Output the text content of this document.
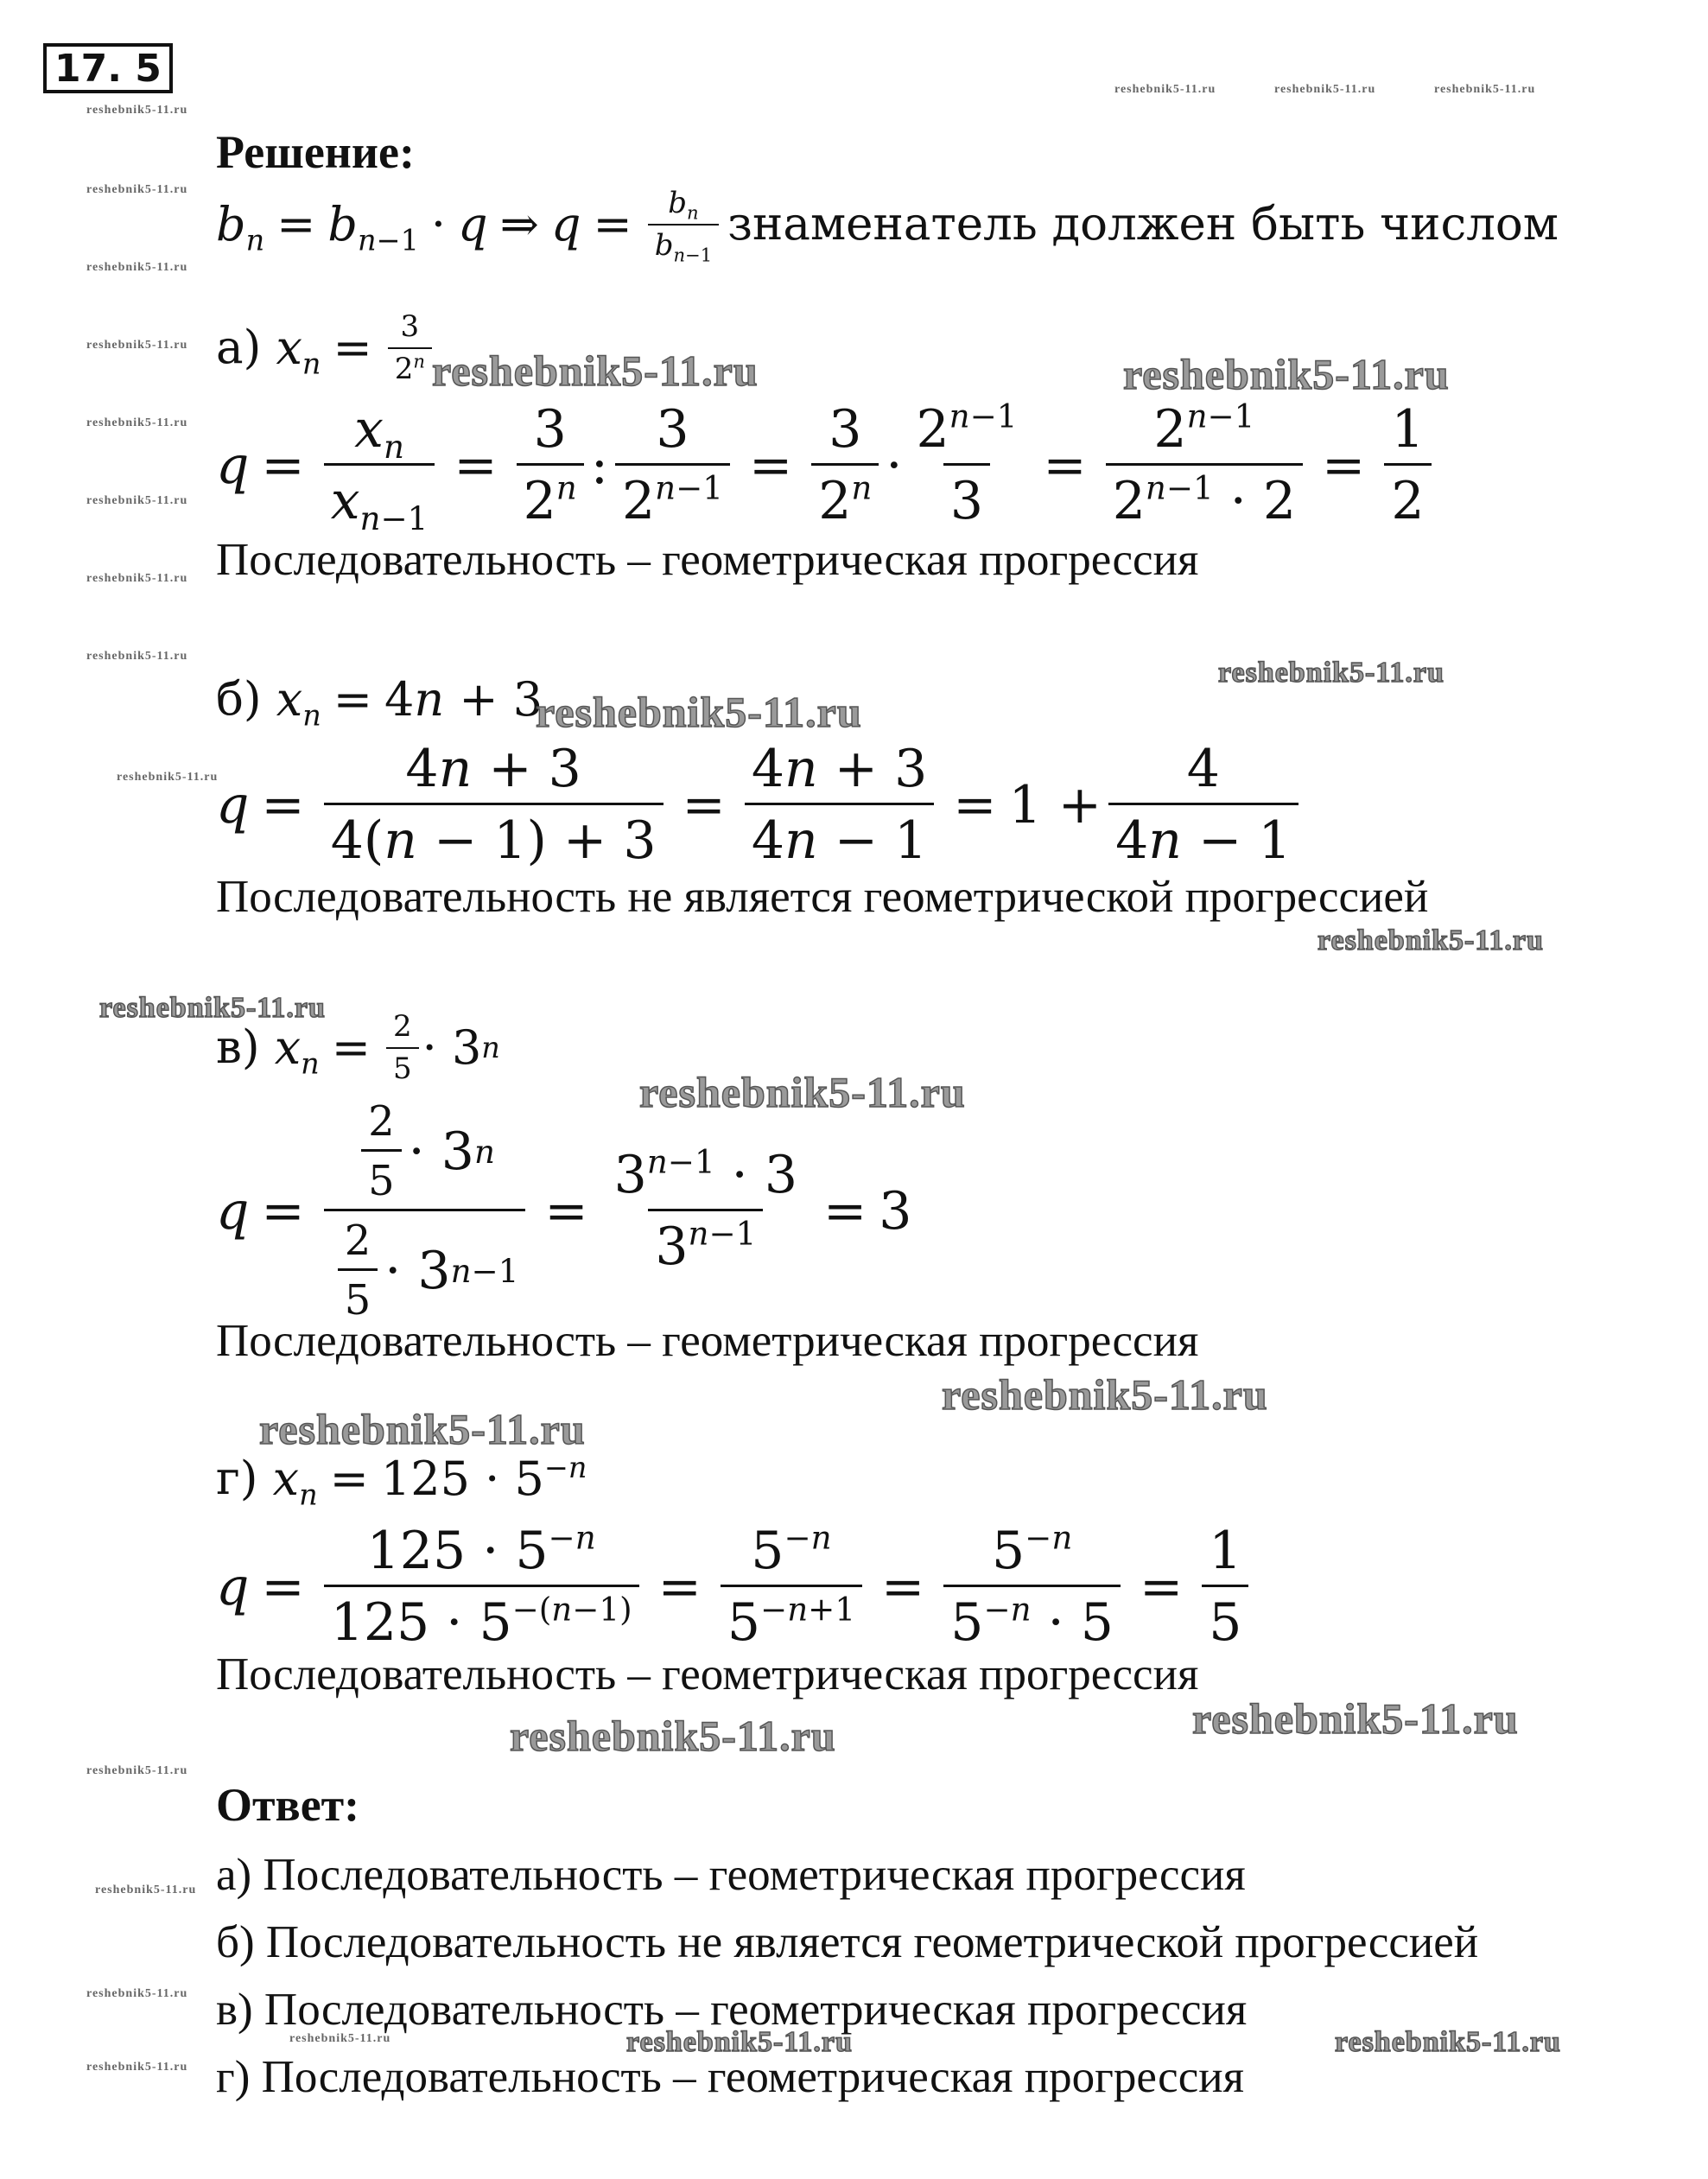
17. 5
Решение:
$b_n = b_{n-1} \cdot q$ ⇒ $q = \frac{b_n}{b_{n-1}}$ знаменатель должен быть числом
а)
$x_n = \frac{3}{2^n}$
$q = \frac{x_n}{x_{n-1}} = \frac{3}{2^n}$ : $\frac{3}{2^{n-1}} = \frac{3}{2^n} \cdot \frac{2^{n-1}}{3} = \frac{2^{n-1}}{2^{n-1} \cdot 2} = \frac{1}{2}$
Последовательность – геометрическая прогрессия
б)
$x_n = 4n + 3$
$q = \frac{4n + 3}{4(n - 1) + 3} = \frac{4n + 3}{4n - 1} = 1 + \frac{4}{4n - 1}$
Последовательность не является геометрической прогрессией
в)
$x_n = \frac{2}{5} \cdot 3$ n
$q = \frac{\frac{2}{5} \cdot 3 n}{\frac{2}{5} \cdot 3 n-1} = \frac{3^{n-1} \cdot 3}{3^{n-1}} = 3$
Последовательность – геометрическая прогрессия
г)
$x_n = 125 \cdot 5^{-n}$
$q = \frac{125 \cdot 5^{-n}}{125 \cdot 5^{-(n-1)}} = \frac{5^{-n}}{5^{-n+1}} = \frac{5^{-n}}{5^{-n} \cdot 5} = \frac{1}{5}$
Последовательность – геометрическая прогрессия
Ответ:
а) Последовательность – геометрическая прогрессия
б) Последовательность не является геометрической прогрессией
в) Последовательность – геометрическая прогрессия
г) Последовательность – геометрическая прогрессия
reshebnik5-11.ru	reshebnik5-11.ru
reshebnik5-11.ru
reshebnik5-11.ru
reshebnik5-11.ru
reshebnik5-11.ru
reshebnik5-11.ru
reshebnik5-11.ru
reshebnik5-11.ru
reshebnik5-11.ru
reshebnik5-11.ru
reshebnik5-11.ru	reshebnik5-11.ru
reshebnik5-11.ru
reshebnik5-11.ru
reshebnik5-11.ru
reshebnik5-11.ru
reshebnik5-11.ru
reshebnik5-11.ru
reshebnik5-11.ru
reshebnik5-11.ru
reshebnik5-11.ru
reshebnik5-11.ru	reshebnik5-11.ru	reshebnik5-11.ru
reshebnik5-11.ru
reshebnik5-11.ru
reshebnik5-11.ru
reshebnik5-11.ru
reshebnik5-11.ru
